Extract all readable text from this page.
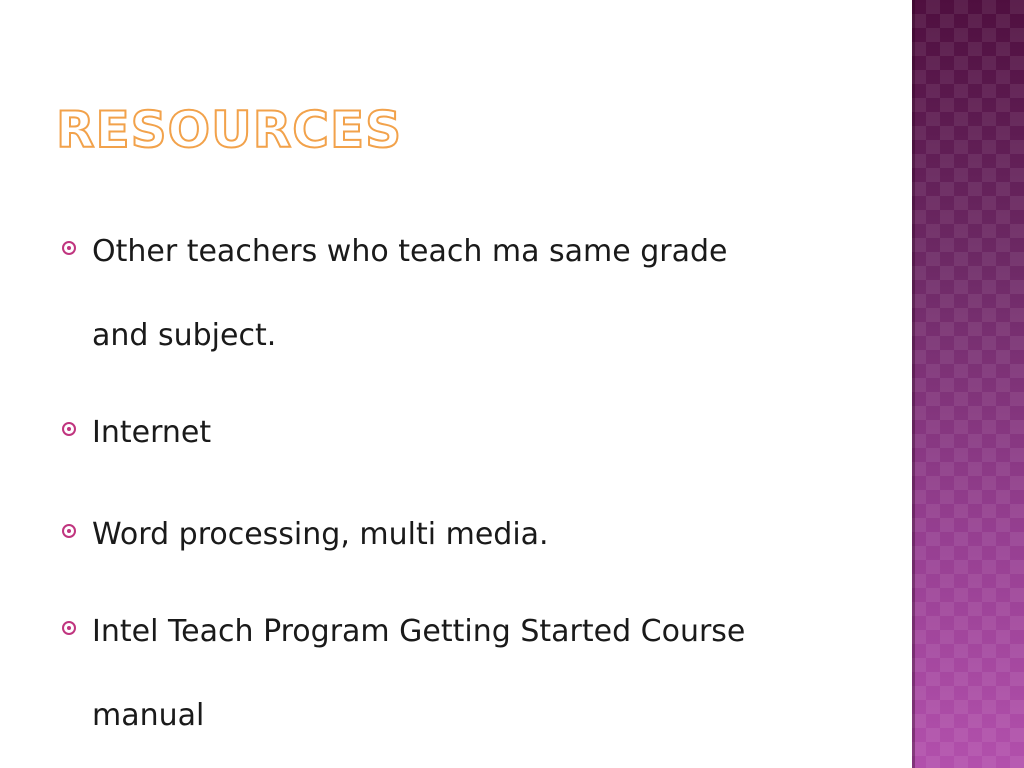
RESOURCES
Other teachers who teach ma same grade
and subject.
Internet
Word processing, multi media.
Intel Teach Program Getting Started Course
manual
